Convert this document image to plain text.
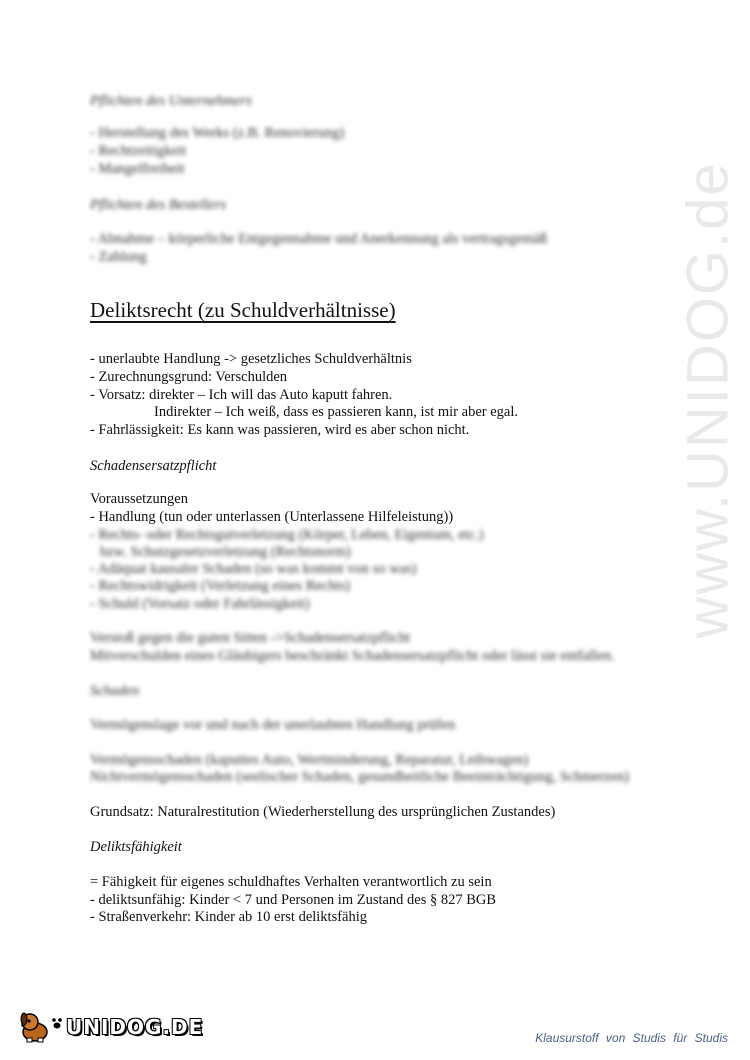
www.UNIDOG.de
Pflichten des Unternehmers
- Herstellung des Werks (z.B. Renovierung)
- Rechtzeitigkeit
- Mangelfreiheit
Pflichten des Bestellers
- Abnahme – körperliche Entgegennahme und Anerkennung als vertragsgemäß
- Zahlung
Deliktsrecht (zu Schuldverhältnisse)
- unerlaubte Handlung -> gesetzliches Schuldverhältnis
- Zurechnungsgrund: Verschulden
- Vorsatz: direkter – Ich will das Auto kaputt fahren.
Indirekter – Ich weiß, dass es passieren kann, ist mir aber egal.
- Fahrlässigkeit: Es kann was passieren, wird es aber schon nicht.
Schadensersatzpflicht
Voraussetzungen
- Handlung (tun oder unterlassen (Unterlassene Hilfeleistung))
- Rechts- oder Rechtsgutverletzung (Körper, Leben, Eigentum, etc.)
bzw. Schutzgesetzverletzung (Rechtsnorm)
- Adäquat kausaler Schaden (so was kommt von so was)
- Rechtswidrigkeit (Verletzung eines Rechts)
- Schuld (Vorsatz oder Fahrlässigkeit)
Verstoß gegen die guten Sitten ->Schadensersatzpflicht
Mitverschulden eines Gläubigers beschränkt Schadensersatzpflicht oder lässt sie entfallen.
Schaden
Vermögenslage vor und nach der unerlaubten Handlung prüfen
Vermögensschaden (kaputtes Auto, Wertminderung, Reparatur, Leihwagen)
Nichtvermögensschaden (seelischer Schaden, gesundheitliche Beeinträchtigung, Schmerzen)
Grundsatz: Naturalrestitution (Wiederherstellung des ursprünglichen Zustandes)
Deliktsfähigkeit
= Fähigkeit für eigenes schuldhaftes Verhalten verantwortlich zu sein
- deliktsunfähig: Kinder < 7 und Personen im Zustand des § 827 BGB
- Straßenverkehr: Kinder ab 10 erst deliktsfähig
UNIDOG.DE	Klausurstoff von Studis für Studis
